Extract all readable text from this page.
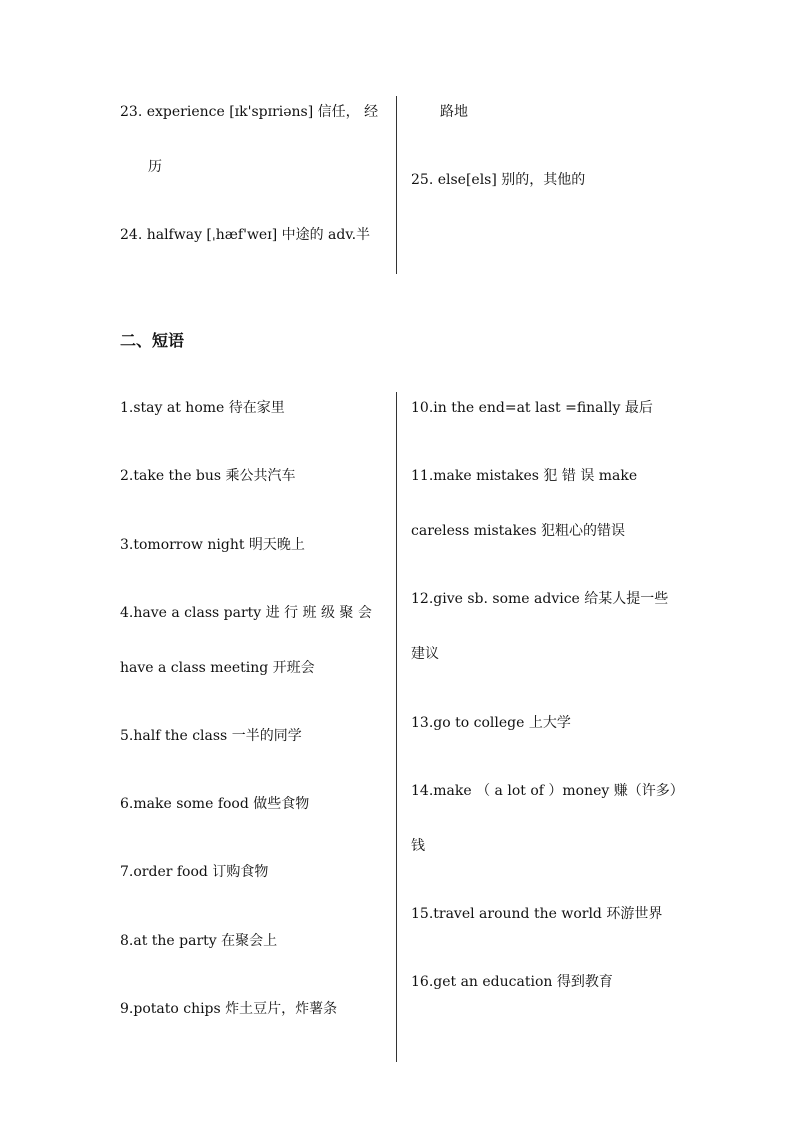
23. experience [ɪk'spɪriəns] 信任， 经
历
24. halfway [ˌhæf'weɪ] 中途的 adv.半
路地
25. else[els] 别的，其他的
二、短语
1.stay at home 待在家里
2.take the bus 乘公共汽车
3.tomorrow night 明天晚上
4.have a class party 进 行 班 级 聚 会
have a class meeting 开班会
5.half the class 一半的同学
6.make some food 做些食物
7.order food 订购食物
8.at the party 在聚会上
9.potato chips 炸土豆片，炸薯条
10.in the end=at last =finally 最后
11.make mistakes 犯 错 误 make
careless mistakes 犯粗心的错误
12.give sb. some advice 给某人提一些
建议
13.go to college 上大学
14.make （ a lot of ）money 赚（许多）
钱
15.travel around the world 环游世界
16.get an education 得到教育
